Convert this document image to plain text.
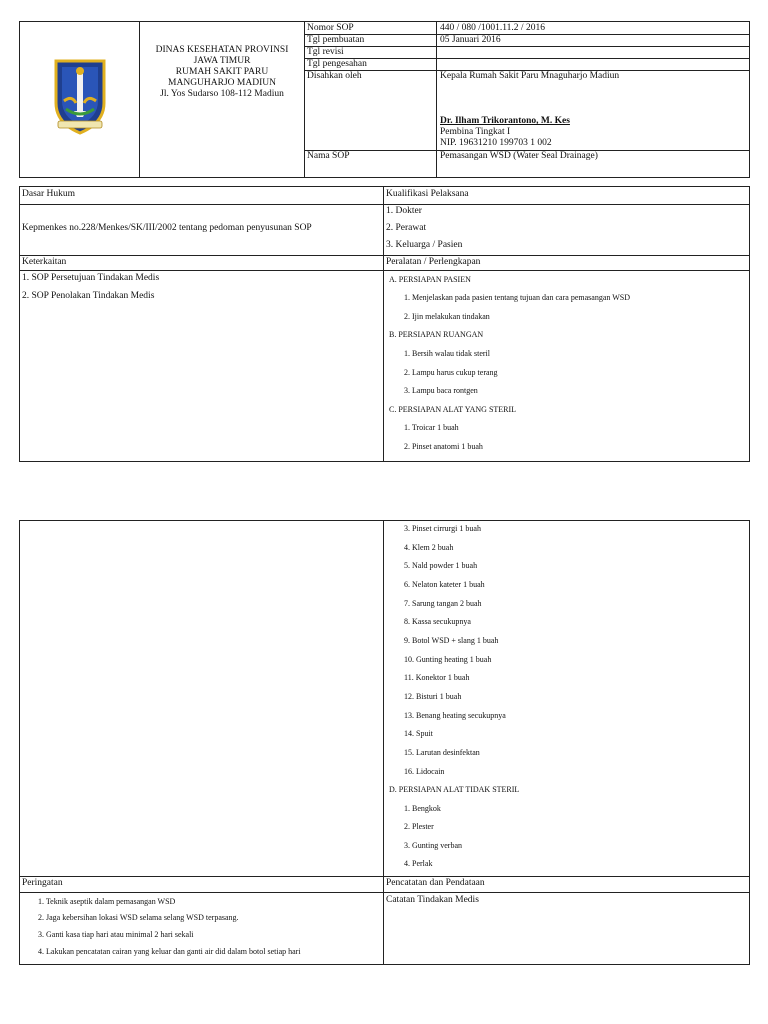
DINAS KESEHATAN PROVINSI
JAWA TIMUR
RUMAH SAKIT PARU
MANGUHARJO MADIUN
Jl. Yos Sudarso 108-112 Madiun
Nomor SOP
Tgl pembuatan
Tgl revisi
Tgl pengesahan
Disahkan oleh
Nama SOP
440 / 080 /1001.11.2 / 2016
05 Januari 2016
Kepala Rumah Sakit Paru Mnaguharjo Madiun
Dr. Ilham Trikorantono, M. Kes
Pembina Tingkat I
NIP. 19631210 199703 1 002
Pemasangan WSD (Water Seal Drainage)
Dasar Hukum
Kepmenkes no.228/Menkes/SK/III/2002 tentang pedoman penyusunan SOP
Kualifikasi Pelaksana
1. Dokter
2. Perawat
3. Keluarga / Pasien
Keterkaitan
1. SOP Persetujuan Tindakan Medis
2. SOP Penolakan Tindakan Medis
Peralatan / Perlengkapan
A. PERSIAPAN PASIEN
1. Menjelaskan pada pasien tentang tujuan dan cara pemasangan WSD
2. Ijin melakukan tindakan
B. PERSIAPAN RUANGAN
1. Bersih walau tidak steril
2. Lampu harus cukup terang
3. Lampu baca rontgen
C. PERSIAPAN ALAT YANG STERIL
1. Troicar 1 buah
2. Pinset anatomi 1 buah
3. Pinset cirrurgi 1 buah
4. Klem 2 buah
5. Nald powder 1 buah
6. Nelaton kateter 1 buah
7. Sarung tangan 2 buah
8. Kassa secukupnya
9. Botol WSD + slang 1 buah
10. Gunting heating 1 buah
11. Konektor 1 buah
12. Bisturi 1 buah
13. Benang heating secukupnya
14. Spuit
15. Larutan desinfektan
16. Lidocain
D. PERSIAPAN ALAT TIDAK STERIL
1. Bengkok
2. Plester
3. Gunting verban
4. Perlak
Peringatan
1. Teknik aseptik dalam pemasangan WSD
2. Jaga kebersihan lokasi WSD selama selang WSD terpasang.
3. Ganti kasa tiap hari atau minimal 2 hari sekali
4. Lakukan pencatatan cairan yang keluar dan ganti air did dalam botol setiap hari
Pencatatan dan Pendataan
Catatan Tindakan Medis
